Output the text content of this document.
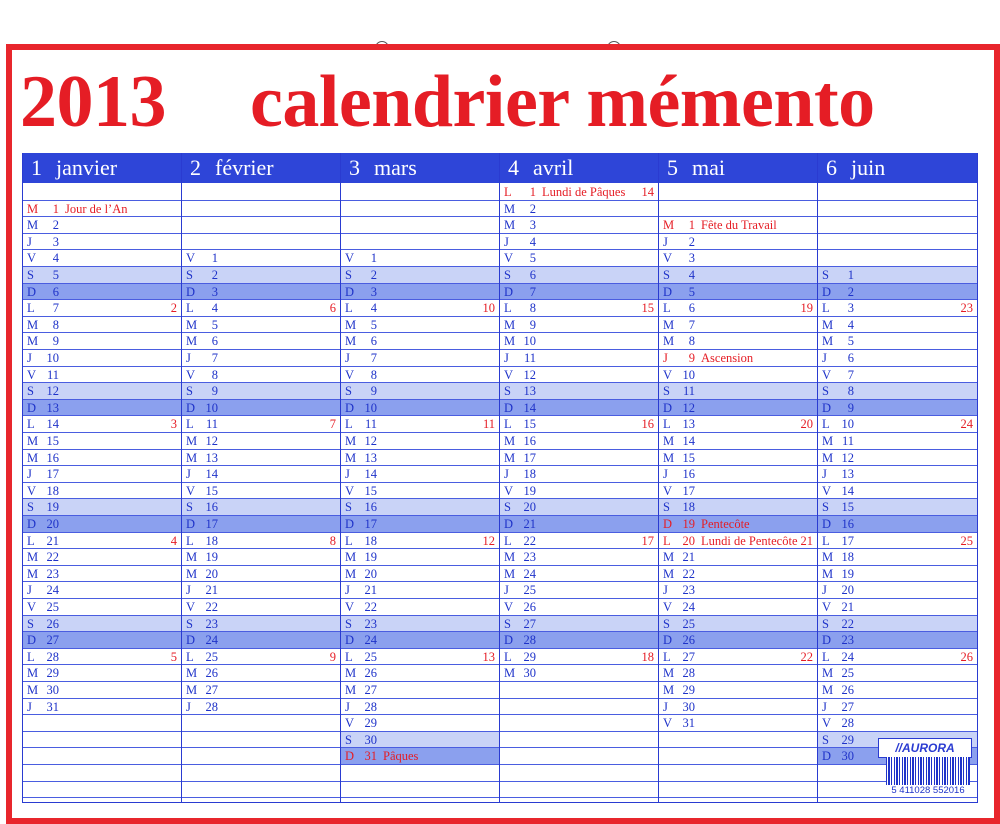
2013 calendrier mémento
1 janvier
M	1 Jour de l’An
M	2
J	3
V	4
S	5
D	6
L	7	2
M	8
M	9
J 10
V 11
S 12
D 13
L 14	3
M 15
M 16
J 17
V 18
S 19
D 20
L 21	4
M 22
M 23
J 24
V 25
S 26
D 27
L 28	5
M 29
M 30
J 31
2 février
V	1
S	2
D	3
L	4	6
M	5
M	6
J	7
V	8
S	9
D 10
L 11	7
M 12
M 13
J 14
V 15
S 16
D 17
L 18	8
M 19
M 20
J 21
V 22
S 23
D 24
L 25	9
M 26
M 27
J 28
3 mars
V	1
S	2
D	3
L	4	10
M	5
M	6
J	7
V	8
S	9
D 10
L 11	11
M 12
M 13
J 14
V 15
S 16
D 17
L 18	12
M 19
M 20
J 21
V 22
S 23
D 24
L 25	13
M 26
M 27
J 28
V 29
S 30
D 31 Pâques
4 avril
L	1 Lundi de Pâques 14
M	2
M	3
J	4
V	5
S	6
D	7
L	8	15
M	9
M 10
J	11
V 12
S 13
D 14
L 15	16
M 16
M 17
J 18
V 19
S 20
D 21
L 22	17
M 23
M 24
J 25
V 26
S 27
D 28
L 29	18
M 30
5 mai
M	1 Fête du Travail
J	2
V	3
S	4
D	5
L	6	19
M	7
M	8
J	9 Ascension
V 10
S	11
D 12
L 13	20
M 14
M 15
J 16
V 17
S 18
D 19 Pentecôte
L 20 Lundi de Pentecôte 21
M 21
M 22
J 23
V 24
S 25
D 26
L 27	22
M 28
M 29
J 30
V 31
6 juin
S	1
D	2
L	3	23
M	4
M	5
J	6
V	7
S	8
D	9
L 10	24
M 11
M 12
J 13
V 14
S 15
D 16
L 17	25
M 18
M 19
J 20
V 21
S 22
D 23
L 24	26
M 25
M 26
J 27
V 28
S 29
D 30
//AURORA
5 411028 552016
